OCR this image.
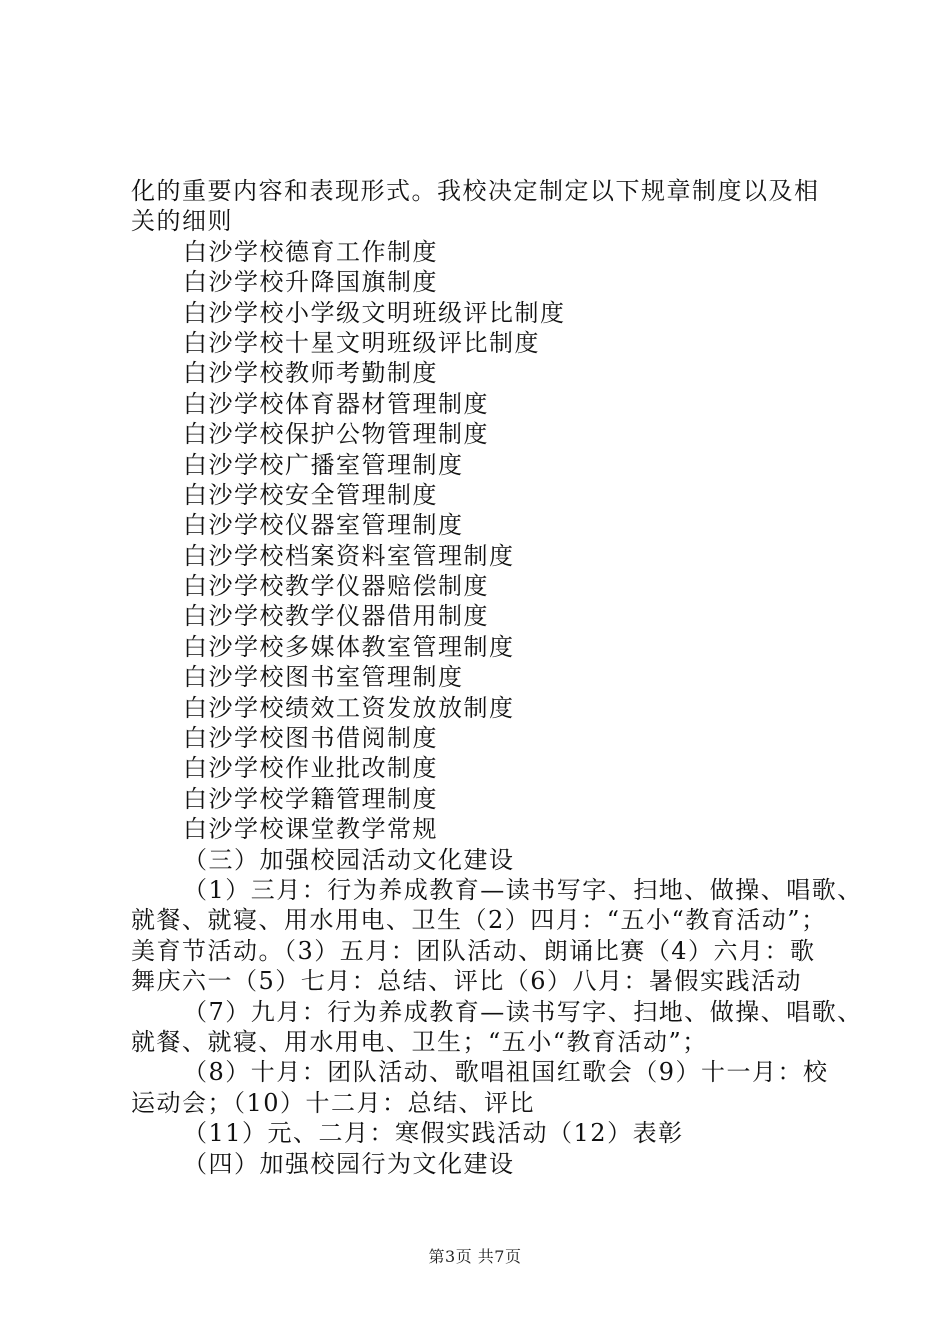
化的重要内容和表现形式。我校决定制定以下规章制度以及相

关的细则

白沙学校德育工作制度

白沙学校升降国旗制度

白沙学校小学级文明班级评比制度

白沙学校十星文明班级评比制度

白沙学校教师考勤制度

白沙学校体育器材管理制度

白沙学校保护公物管理制度

白沙学校广播室管理制度

白沙学校安全管理制度

白沙学校仪器室管理制度

白沙学校档案资料室管理制度

白沙学校教学仪器赔偿制度

白沙学校教学仪器借用制度

白沙学校多媒体教室管理制度

白沙学校图书室管理制度

白沙学校绩效工资发放放制度

白沙学校图书借阅制度

白沙学校作业批改制度

白沙学校学籍管理制度

白沙学校课堂教学常规

（三）加强校园活动文化建设

（1）三月：行为养成教育—读书写字、扫地、做操、唱歌、

就餐、就寝、用水用电、卫生（2）四月：“五小“教育活动”；

美育节活动。（3）五月：团队活动、朗诵比赛（4）六月：歌

舞庆六一（5）七月：总结、评比（6）八月：暑假实践活动

（7）九月：行为养成教育—读书写字、扫地、做操、唱歌、

就餐、就寝、用水用电、卫生；“五小“教育活动”；

（8）十月：团队活动、歌唱祖国红歌会（9）十一月：校

运动会；（10）十二月：总结、评比

（11）元、二月：寒假实践活动（12）表彰

（四）加强校园行为文化建设

第3页 共7页
